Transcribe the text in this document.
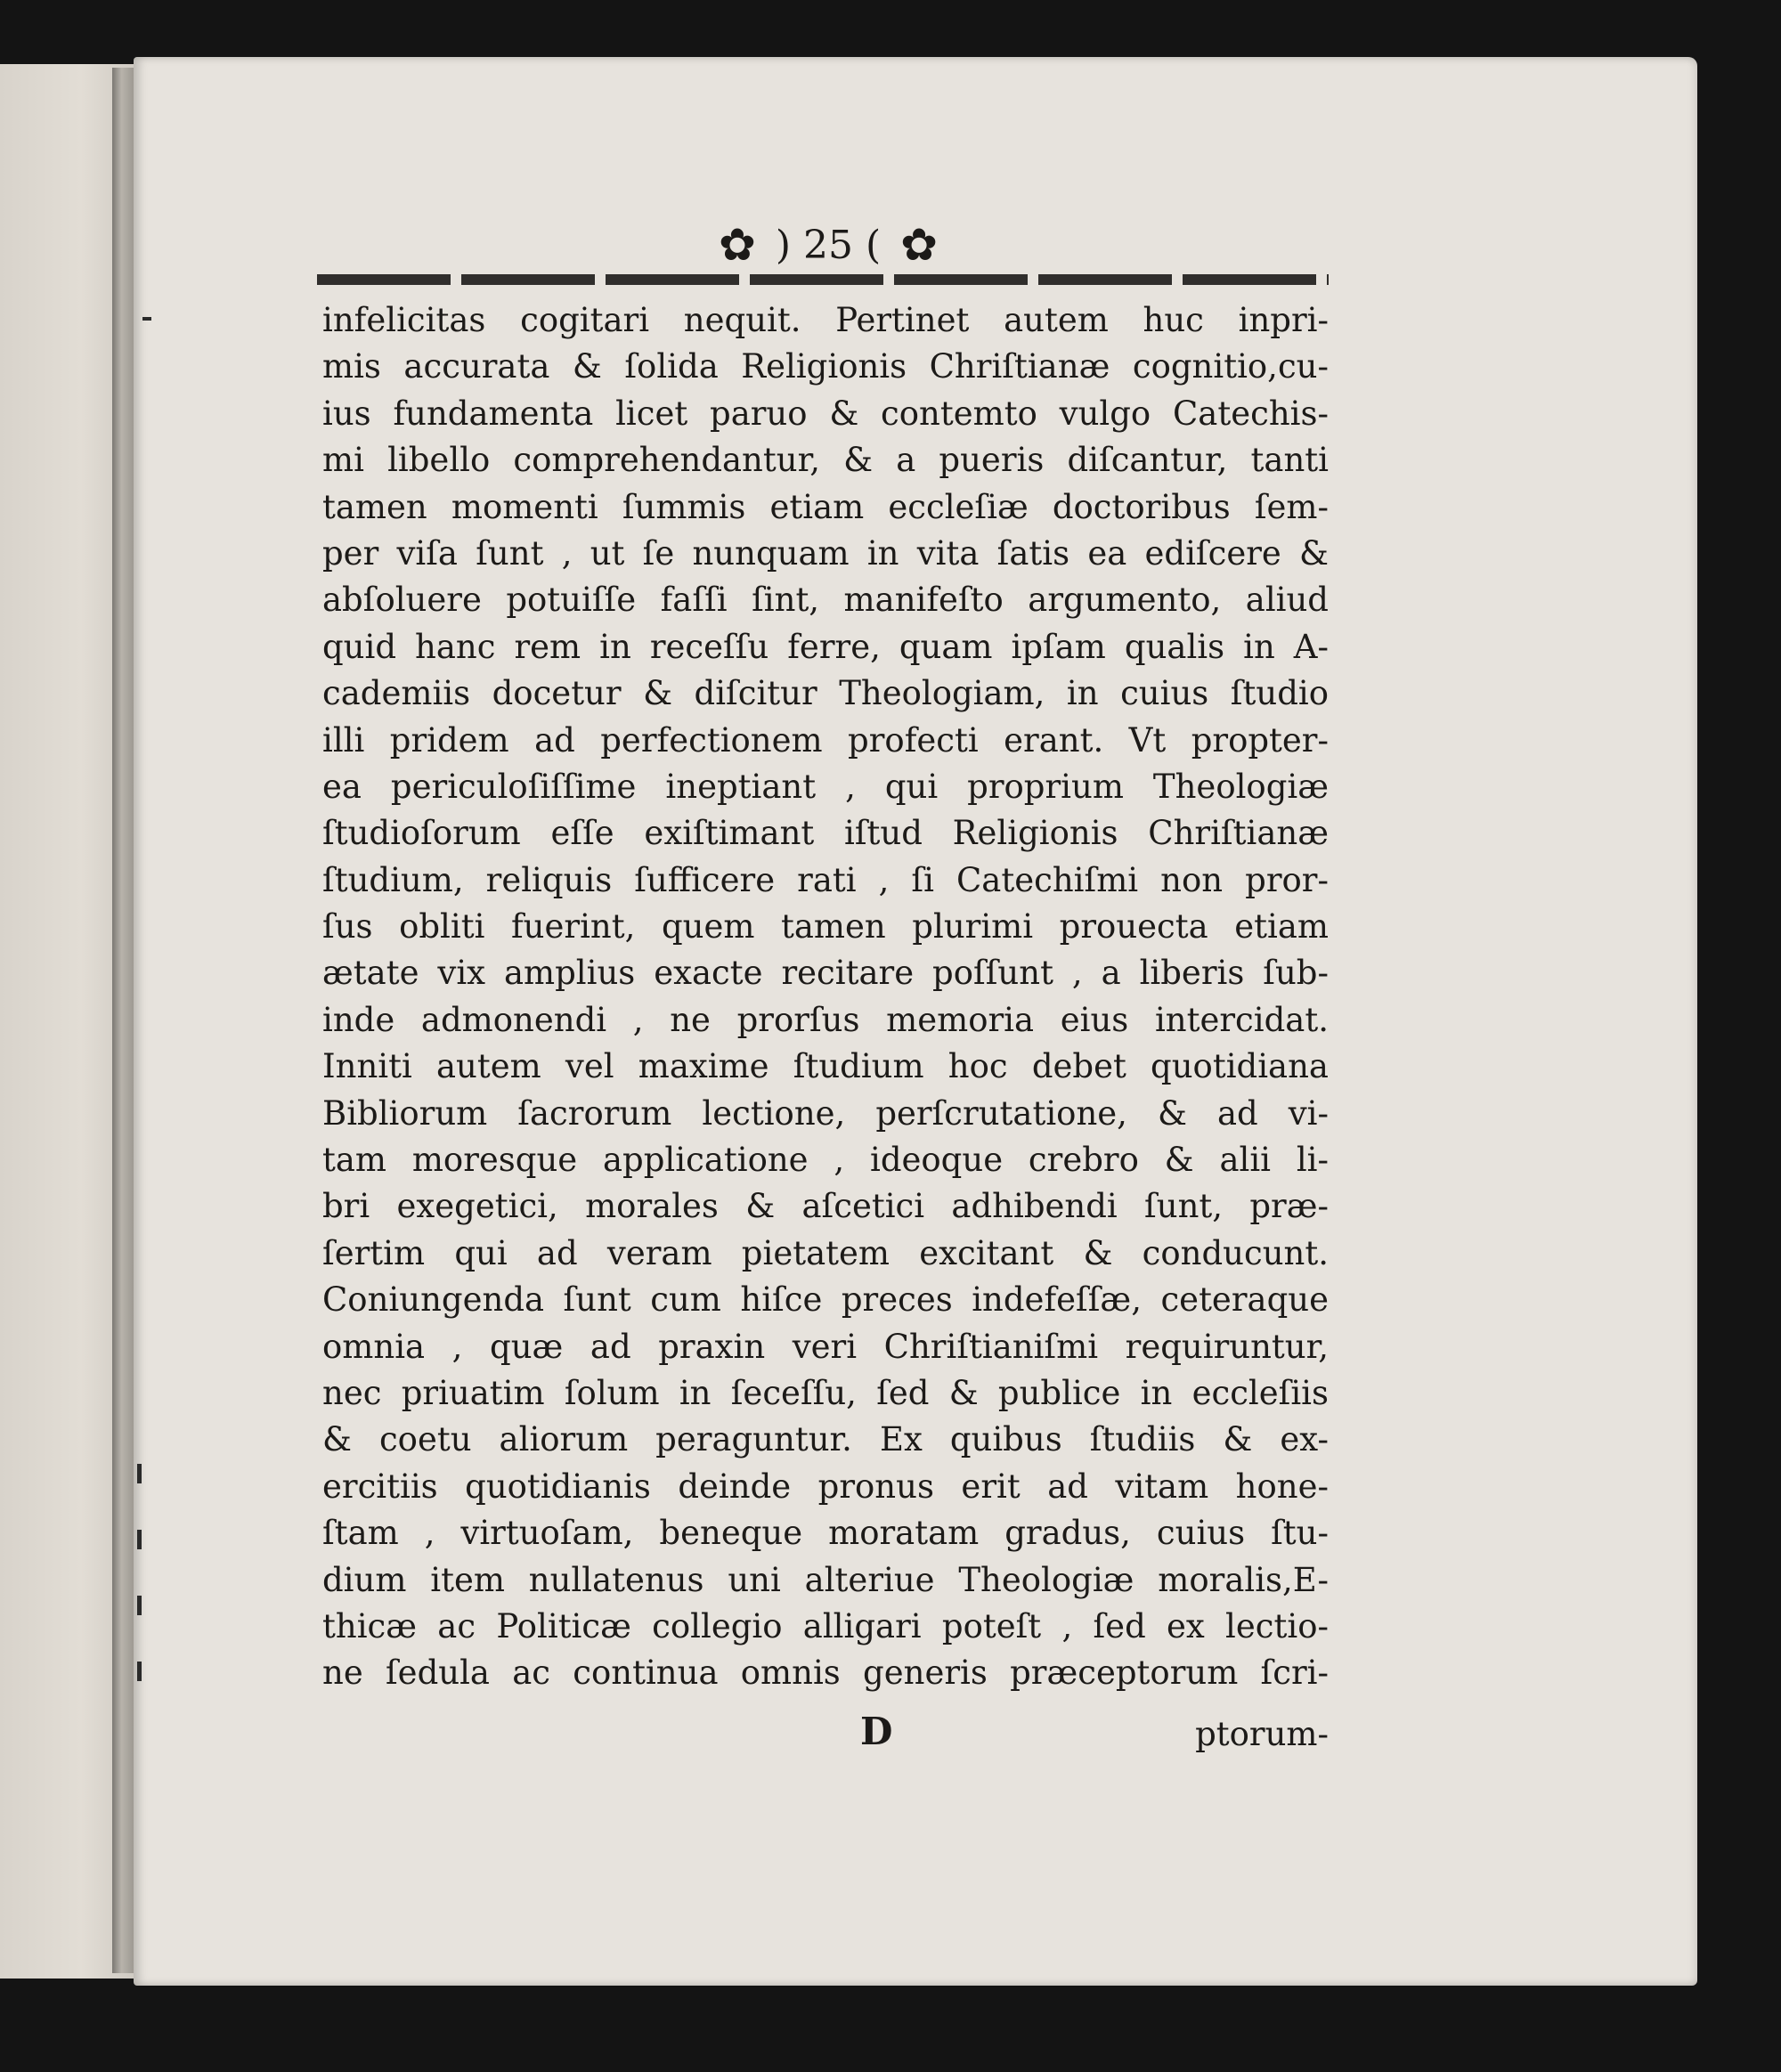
✿ ) 25 ( ✿
infelicitas cogitari nequit. Pertinet autem huc inpri-
mis accurata & ſolida Religionis Chriſtianæ cognitio,cu-
ius fundamenta licet paruo & contemto vulgo Catechis-
mi libello comprehendantur, & a pueris diſcantur, tanti
tamen momenti ſummis etiam eccleſiæ doctoribus ſem-
per viſa ſunt , ut ſe nunquam in vita ſatis ea ediſcere &
abſoluere potuiſſe faſſi ſint, manifeſto argumento, aliud
quid hanc rem in receſſu ferre, quam ipſam qualis in A-
cademiis docetur & diſcitur Theologiam, in cuius ſtudio
illi pridem ad perfectionem profecti erant. Vt propter-
ea periculoſiſſime ineptiant , qui proprium Theologiæ
ſtudioſorum eſſe exiſtimant iſtud Religionis Chriſtianæ
ſtudium, reliquis ſufficere rati , ſi Catechiſmi non pror-
ſus obliti fuerint, quem tamen plurimi prouecta etiam
ætate vix amplius exacte recitare poſſunt , a liberis ſub-
inde admonendi , ne prorſus memoria eius intercidat.
Inniti autem vel maxime ſtudium hoc debet quotidiana
Bibliorum ſacrorum lectione, perſcrutatione, & ad vi-
tam moresque applicatione , ideoque crebro & alii li-
bri exegetici, morales & aſcetici adhibendi ſunt, præ-
ſertim qui ad veram pietatem excitant & conducunt.
Coniungenda ſunt cum hiſce preces indefeſſæ, ceteraque
omnia , quæ ad praxin veri Chriſtianiſmi requiruntur,
nec priuatim ſolum in ſeceſſu, ſed & publice in eccleſiis
& coetu aliorum peraguntur. Ex quibus ſtudiis & ex-
ercitiis quotidianis deinde pronus erit ad vitam hone-
ſtam , virtuoſam, beneque moratam gradus, cuius ſtu-
dium item nullatenus uni alteriue Theologiæ moralis,E-
thicæ ac Politicæ collegio alligari poteſt , ſed ex lectio-
ne ſedula ac continua omnis generis præceptorum ſcri-
D	ptorum-
